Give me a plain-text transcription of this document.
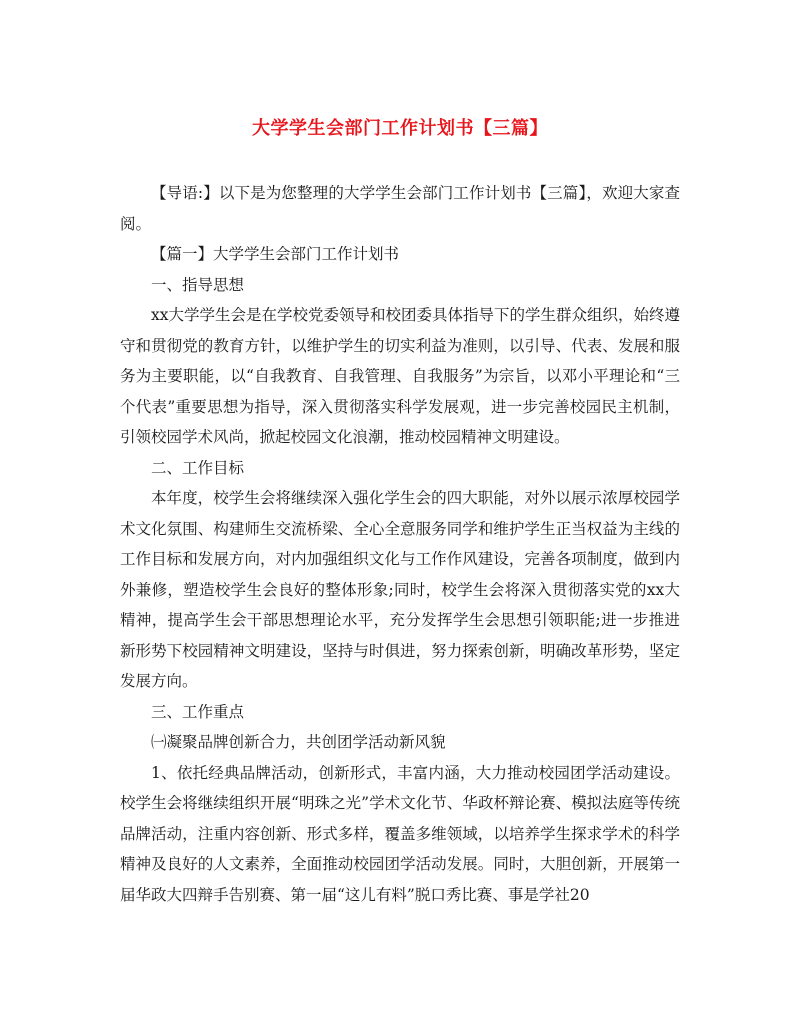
大学学生会部门工作计划书【三篇】

【导语:】以下是为您整理的大学学生会部门工作计划书【三篇】，欢迎大家查阅。

【篇一】大学学生会部门工作计划书

一、指导思想

xx大学学生会是在学校党委领导和校团委具体指导下的学生群众组织，始终遵守和贯彻党的教育方针，以维护学生的切实利益为准则，以引导、代表、发展和服务为主要职能，以“自我教育、自我管理、自我服务”为宗旨，以邓小平理论和“三个代表”重要思想为指导，深入贯彻落实科学发展观，进一步完善校园民主机制，引领校园学术风尚，掀起校园文化浪潮，推动校园精神文明建设。

二、工作目标

本年度，校学生会将继续深入强化学生会的四大职能，对外以展示浓厚校园学术文化氛围、构建师生交流桥梁、全心全意服务同学和维护学生正当权益为主线的工作目标和发展方向，对内加强组织文化与工作作风建设，完善各项制度，做到内外兼修，塑造校学生会良好的整体形象;同时，校学生会将深入贯彻落实党的xx大精神，提高学生会干部思想理论水平，充分发挥学生会思想引领职能;进一步推进新形势下校园精神文明建设，坚持与时俱进，努力探索创新，明确改革形势，坚定发展方向。

三、工作重点

㈠凝聚品牌创新合力，共创团学活动新风貌

1、依托经典品牌活动，创新形式，丰富内涵，大力推动校园团学活动建设。校学生会将继续组织开展“明珠之光”学术文化节、华政杯辩论赛、模拟法庭等传统品牌活动，注重内容创新、形式多样，覆盖多维领域，以培养学生探求学术的科学精神及良好的人文素养，全面推动校园团学活动发展。同时，大胆创新，开展第一届华政大四辩手告别赛、第一届“这儿有料”脱口秀比赛、事是学社20
